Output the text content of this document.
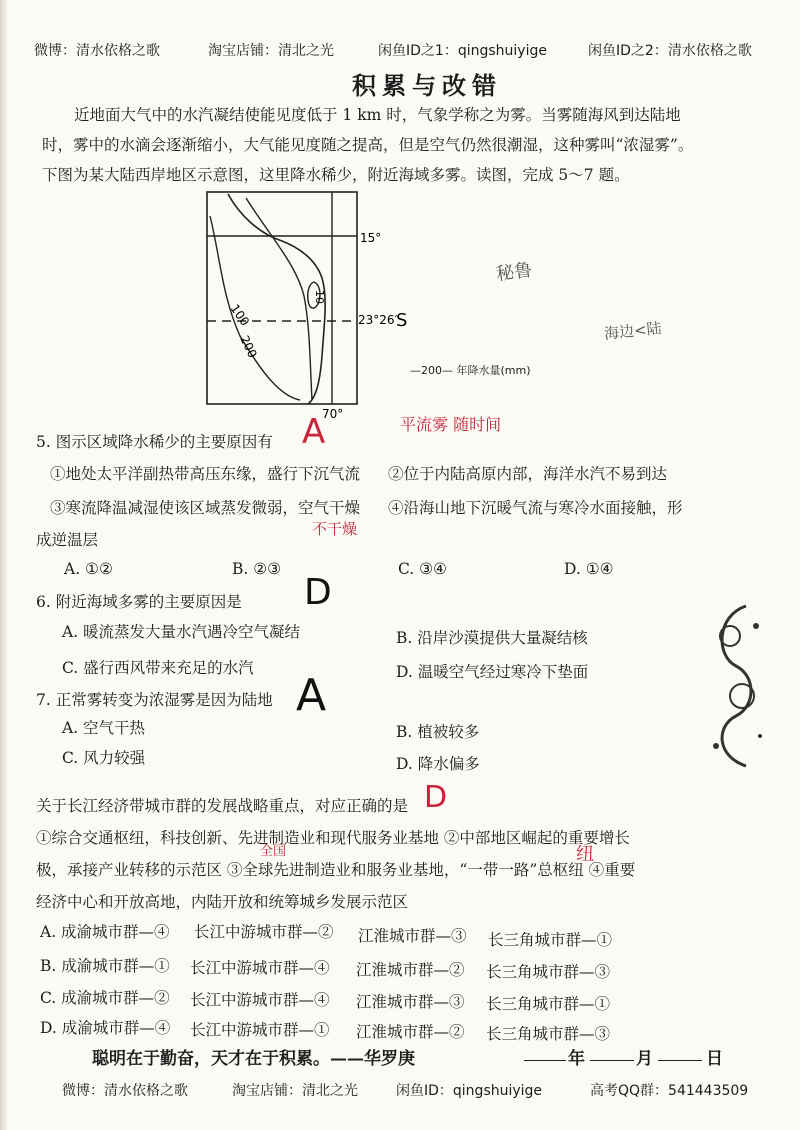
微博：清水依格之歌	淘宝店铺：清北之光	闲鱼ID之1：qingshuiyige	闲鱼ID之2：清水依格之歌
积累与改错
近地面大气中的水汽凝结使能见度低于 1 km 时，气象学称之为雾。当雾随海风到达陆地
时，雾中的水滴会逐渐缩小，大气能见度随之提高，但是空气仍然很潮湿，这种雾叫“浓湿雾”。
下图为某大陆西岸地区示意图，这里降水稀少，附近海域多雾。读图，完成 5～7 题。
100
200
10
15°
23°26′
S
70°
—200— 年降水量(mm)
秘鲁
海边<陆
5. 图示区域降水稀少的主要原因有 A	平流雾 随时间
①地处太平洋副热带高压东缘，盛行下沉气流 ②位于内陆高原内部，海洋水汽不易到达
③寒流降温减湿使该区域蒸发微弱，空气干燥 ④沿海山地下沉暖气流与寒冷水面接触，形
成逆温层
不干燥
A. ①②	B. ②③	C. ③④	D. ①④
6. 附近海域多雾的主要原因是 D
A. 暖流蒸发大量水汽遇冷空气凝结	B. 沿岸沙漠提供大量凝结核
C. 盛行西风带来充足的水汽	D. 温暖空气经过寒冷下垫面
7. 正常雾转变为浓湿雾是因为陆地 A
A. 空气干热	B. 植被较多
C. 风力较强	D. 降水偏多
关于长江经济带城市群的发展战略重点，对应正确的是 D
①综合交通枢纽，科技创新、先进制造业和现代服务业基地 ②中部地区崛起的重要增长
极，承接产业转移的示范区 ③全球先进制造业和服务业基地，“一带一路”总枢纽 ④重要
经济中心和开放高地，内陆开放和统筹城乡发展示范区
全国	纽
A. 成渝城市群—④ 长江中游城市群—② 江淮城市群—③ 长三角城市群—①
B. 成渝城市群—① 长江中游城市群—④ 江淮城市群—② 长三角城市群—③
C. 成渝城市群—② 长江中游城市群—④ 江淮城市群—③ 长三角城市群—①
D. 成渝城市群—④ 长江中游城市群—① 江淮城市群—② 长三角城市群—③
聪明在于勤奋，天才在于积累。——华罗庚	年	月	日
微博：清水依格之歌	淘宝店铺：清北之光	闲鱼ID：qingshuiyige	高考QQ群：541443509
